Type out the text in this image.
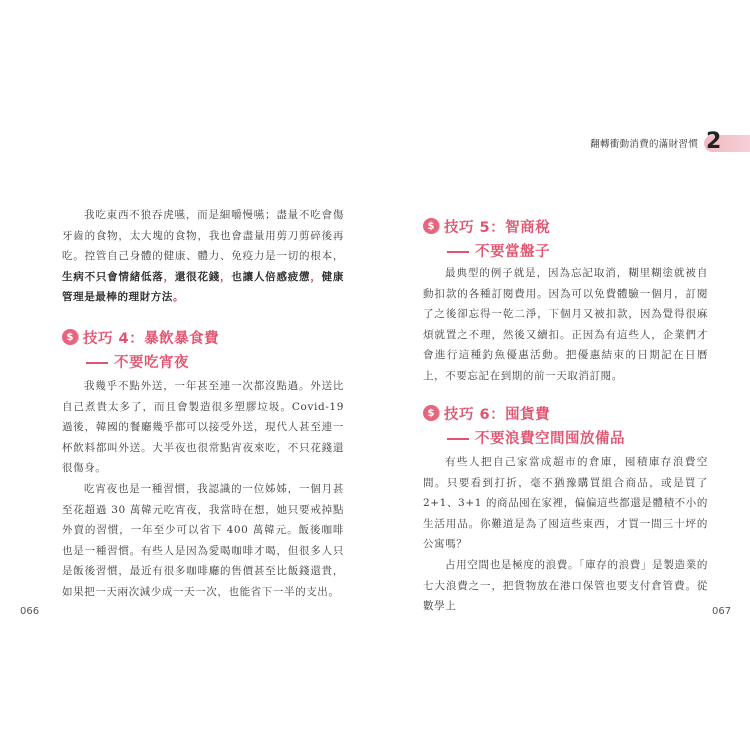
我吃東西不狼吞虎嚥，而是細嚼慢嚥；盡量不吃會傷牙齒的食物，太大塊的食物，我也會盡量用剪刀剪碎後再吃。控管自己身體的健康、體力、免疫力是一切的根本，生病不只會情緒低落，還很花錢，也讓人倍感疲憊，健康管理是最棒的理財方法。

$ 技巧 4：暴飲暴食費
不要吃宵夜

我幾乎不點外送，一年甚至連一次都沒點過。外送比自己煮貴太多了，而且會製造很多塑膠垃圾。Covid-19 過後，韓國的餐廳幾乎都可以接受外送，現代人甚至連一杯飲料都叫外送。大半夜也很常點宵夜來吃，不只花錢還很傷身。

吃宵夜也是一種習慣，我認識的一位姊姊，一個月甚至花超過 30 萬韓元吃宵夜，我當時在想，她只要戒掉點外賣的習慣，一年至少可以省下 400 萬韓元。飯後咖啡也是一種習慣。有些人是因為愛喝咖啡才喝，但很多人只是飯後習慣，最近有很多咖啡廳的售價甚至比飯錢還貴，如果把一天兩次減少成一天一次，也能省下一半的支出。

066
翻轉衝動消費的滿財習慣 2
$ 技巧 5：智商稅
不要當盤子

最典型的例子就是，因為忘記取消，糊里糊塗就被自動扣款的各種訂閱費用。因為可以免費體驗一個月，訂閱了之後卻忘得一乾二淨，下個月又被扣款，因為覺得很麻煩就置之不理，然後又續扣。正因為有這些人，企業們才會進行這種釣魚優惠活動。把優惠結束的日期記在日曆上，不要忘記在到期的前一天取消訂閱。

$ 技巧 6：囤貨費
不要浪費空間囤放備品

有些人把自己家當成超市的倉庫，囤積庫存浪費空間。只要看到打折，毫不猶豫購買組合商品，或是買了 2+1、3+1 的商品囤在家裡，偏偏這些都還是體積不小的生活用品。你難道是為了囤這些東西，才買一間三十坪的公寓嗎？

占用空間也是極度的浪費。「庫存的浪費」是製造業的七大浪費之一，把貨物放在港口保管也要支付倉管費。從數學上	067
